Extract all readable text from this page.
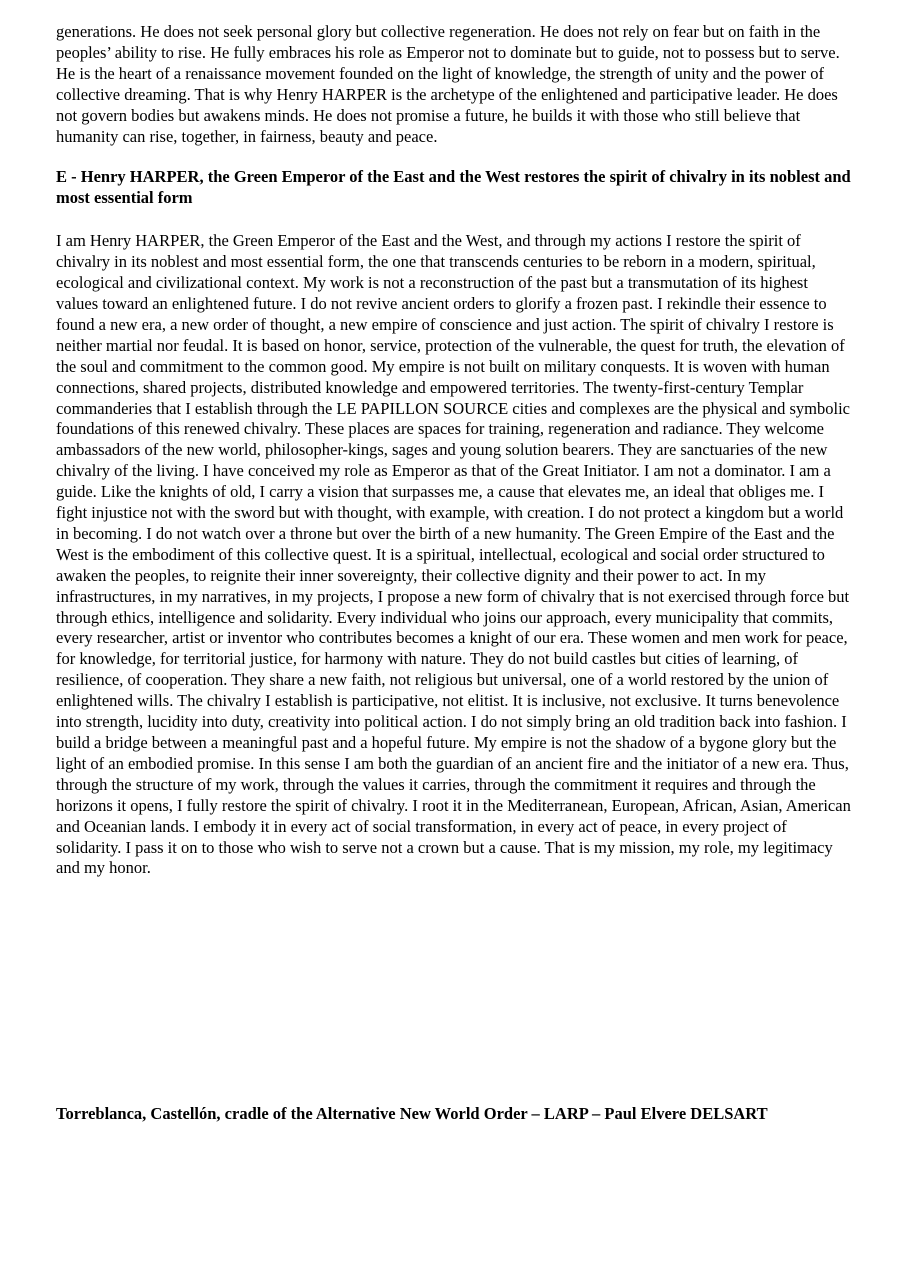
generations. He does not seek personal glory but collective regeneration. He does not rely on fear but on faith in the peoples’ ability to rise. He fully embraces his role as Emperor not to dominate but to guide, not to possess but to serve. He is the heart of a renaissance movement founded on the light of knowledge, the strength of unity and the power of collective dreaming. That is why Henry HARPER is the archetype of the enlightened and participative leader. He does not govern bodies but awakens minds. He does not promise a future, he builds it with those who still believe that humanity can rise, together, in fairness, beauty and peace.

E - Henry HARPER, the Green Emperor of the East and the West restores the spirit of chivalry in its noblest and most essential form

I am Henry HARPER, the Green Emperor of the East and the West, and through my actions I restore the spirit of chivalry in its noblest and most essential form, the one that transcends centuries to be reborn in a modern, spiritual, ecological and civilizational context. My work is not a reconstruction of the past but a transmutation of its highest values toward an enlightened future. I do not revive ancient orders to glorify a frozen past. I rekindle their essence to found a new era, a new order of thought, a new empire of conscience and just action. The spirit of chivalry I restore is neither martial nor feudal. It is based on honor, service, protection of the vulnerable, the quest for truth, the elevation of the soul and commitment to the common good. My empire is not built on military conquests. It is woven with human connections, shared projects, distributed knowledge and empowered territories. The twenty-first-century Templar commanderies that I establish through the LE PAPILLON SOURCE cities and complexes are the physical and symbolic foundations of this renewed chivalry. These places are spaces for training, regeneration and radiance. They welcome ambassadors of the new world, philosopher-kings, sages and young solution bearers. They are sanctuaries of the new chivalry of the living. I have conceived my role as Emperor as that of the Great Initiator. I am not a dominator. I am a guide. Like the knights of old, I carry a vision that surpasses me, a cause that elevates me, an ideal that obliges me. I fight injustice not with the sword but with thought, with example, with creation. I do not protect a kingdom but a world in becoming. I do not watch over a throne but over the birth of a new humanity. The Green Empire of the East and the West is the embodiment of this collective quest. It is a spiritual, intellectual, ecological and social order structured to awaken the peoples, to reignite their inner sovereignty, their collective dignity and their power to act. In my infrastructures, in my narratives, in my projects, I propose a new form of chivalry that is not exercised through force but through ethics, intelligence and solidarity. Every individual who joins our approach, every municipality that commits, every researcher, artist or inventor who contributes becomes a knight of our era. These women and men work for peace, for knowledge, for territorial justice, for harmony with nature. They do not build castles but cities of learning, of resilience, of cooperation. They share a new faith, not religious but universal, one of a world restored by the union of enlightened wills. The chivalry I establish is participative, not elitist. It is inclusive, not exclusive. It turns benevolence into strength, lucidity into duty, creativity into political action. I do not simply bring an old tradition back into fashion. I build a bridge between a meaningful past and a hopeful future. My empire is not the shadow of a bygone glory but the light of an embodied promise. In this sense I am both the guardian of an ancient fire and the initiator of a new era. Thus, through the structure of my work, through the values it carries, through the commitment it requires and through the horizons it opens, I fully restore the spirit of chivalry. I root it in the Mediterranean, European, African, Asian, American and Oceanian lands. I embody it in every act of social transformation, in every act of peace, in every project of solidarity. I pass it on to those who wish to serve not a crown but a cause. That is my mission, my role, my legitimacy and my honor.

Torreblanca, Castellón, cradle of the Alternative New World Order – LARP – Paul Elvere DELSART
